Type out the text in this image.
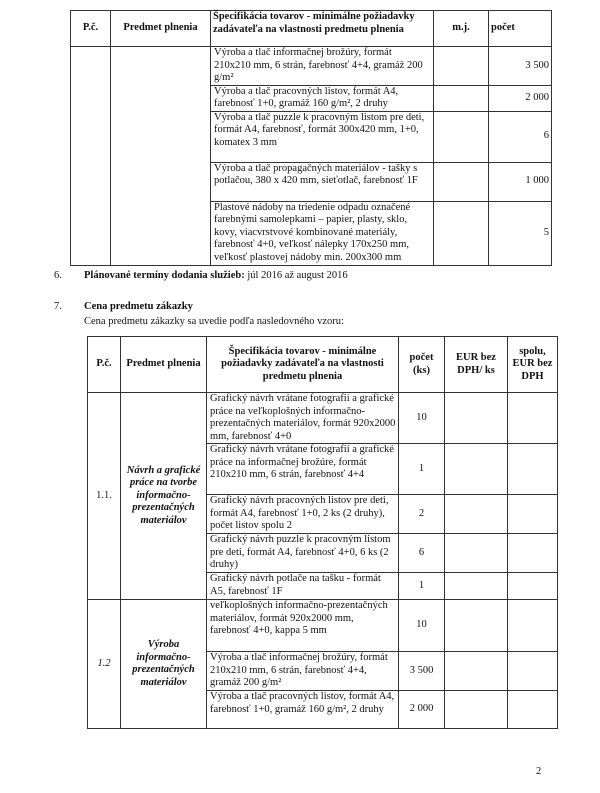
P.č.	Predmet plnenia	Špecifikácia tovarov - minimálne požiadavky zadávateľa na vlastnosti predmetu plnenia	m.j.	počet
		Výroba a tlač informačnej brožúry, formát 210x210 mm, 6 strán, farebnosť 4+4, gramáž 200 g/m²		3 500
		Výroba a tlač pracovných listov, formát A4, farebnosť 1+0, gramáž 160 g/m², 2 druhy		2 000
		Výroba a tlač puzzle k pracovným listom pre deti, formát A4, farebnosť, formát 300x420 mm, 1+0, komatex 3 mm		6
		Výroba a tlač propagačných materiálov - tašky s potlačou, 380 x 420 mm, sieťotlač, farebnosť 1F		1 000
		Plastové nádoby na triedenie odpadu označené farebnými samolepkami – papier, plasty, sklo, kovy, viacvrstvové kombinované materiály, farebnosť 4+0, veľkosť nálepky 170x250 mm, veľkosť plastovej nádoby min. 200x300 mm		5
6. Plánované termíny dodania služieb: júl 2016 až august 2016
7. Cena predmetu zákazky
Cena predmetu zákazky sa uvedie podľa nasledovného vzoru:
P.č.	Predmet plnenia	Špecifikácia tovarov - minimálne požiadavky zadávateľa na vlastnosti predmetu plnenia	počet (ks)	EUR bez DPH/ ks	spolu, EUR bez DPH
1.1.	Návrh a grafické práce na tvorbe informačno-prezentačných materiálov	Grafický návrh vrátane fotografií a grafické práce na veľkoplošných informačno-prezentačných materiálov, formát 920x2000 mm, farebnosť 4+0	10		
		Grafický návrh vrátane fotografií a grafické práce na informačnej brožúre, formát 210x210 mm, 6 strán, farebnosť 4+4	1		
		Grafický návrh pracovných listov pre deti, formát A4, farebnosť 1+0, 2 ks (2 druhy), počet listov spolu 2	2		
		Grafický návrh puzzle k pracovným listom pre deti, formát A4, farebnosť 4+0, 6 ks (2 druhy)	6		
		Grafický návrh potlače na tašku - formát A5, farebnosť 1F	1		
1.2	Výroba informačno-prezentačných materiálov	veľkoplošných informačno-prezentačných materiálov, formát 920x2000 mm, farebnosť 4+0, kappa 5 mm	10		
		Výroba a tlač informačnej brožúry, formát 210x210 mm, 6 strán, farebnosť 4+4, gramáž 200 g/m²	3 500		
		Výroba a tlač pracovných listov, formát A4, farebnosť 1+0, gramáž 160 g/m², 2 druhy	2 000		
2
